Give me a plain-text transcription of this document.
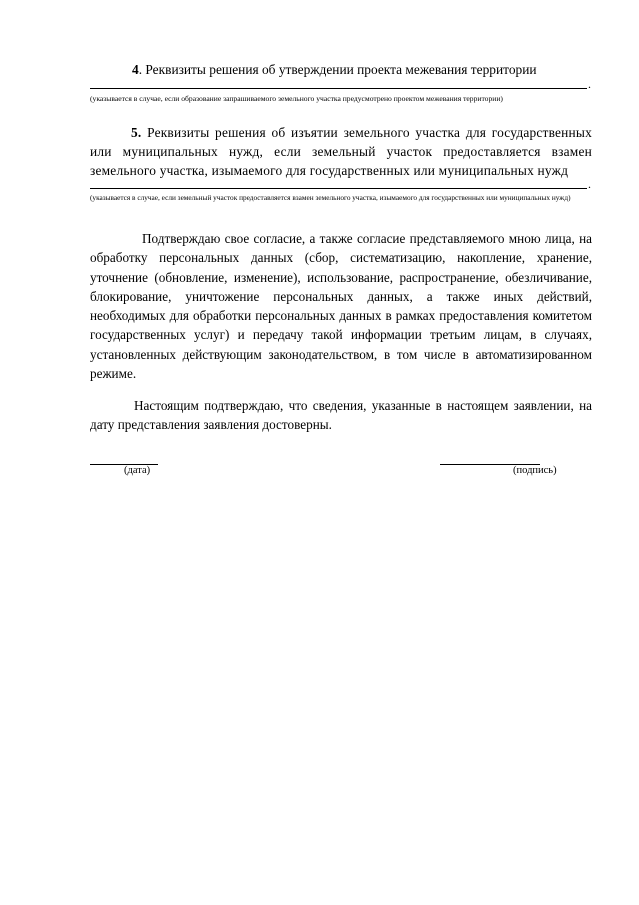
4. Реквизиты решения об утверждении проекта межевания территории
.
(указывается в случае, если образование запрашиваемого земельного участка предусмотрено проектом межевания территории)
5. Реквизиты решения об изъятии земельного участка для государственных или муниципальных нужд, если земельный участок предоставляется взамен земельного участка, изымаемого для государственных или муниципальных нужд
.
(указывается в случае, если земельный участок предоставляется взамен земельного участка, изымаемого для государственных или муниципальных нужд)
Подтверждаю свое согласие, а также согласие представляемого мною лица, на обработку персональных данных (сбор, систематизацию, накопление, хранение, уточнение (обновление, изменение), использование, распространение, обезличивание, блокирование, уничтожение персональных данных, а также иных действий, необходимых для обработки персональных данных в рамках предоставления комитетом государственных услуг) и передачу такой информации третьим лицам, в случаях, установленных действующим законодательством, в том числе в автоматизированном режиме.
Настоящим подтверждаю, что сведения, указанные в настоящем заявлении, на дату представления заявления достоверны.
(дата)	(подпись)
